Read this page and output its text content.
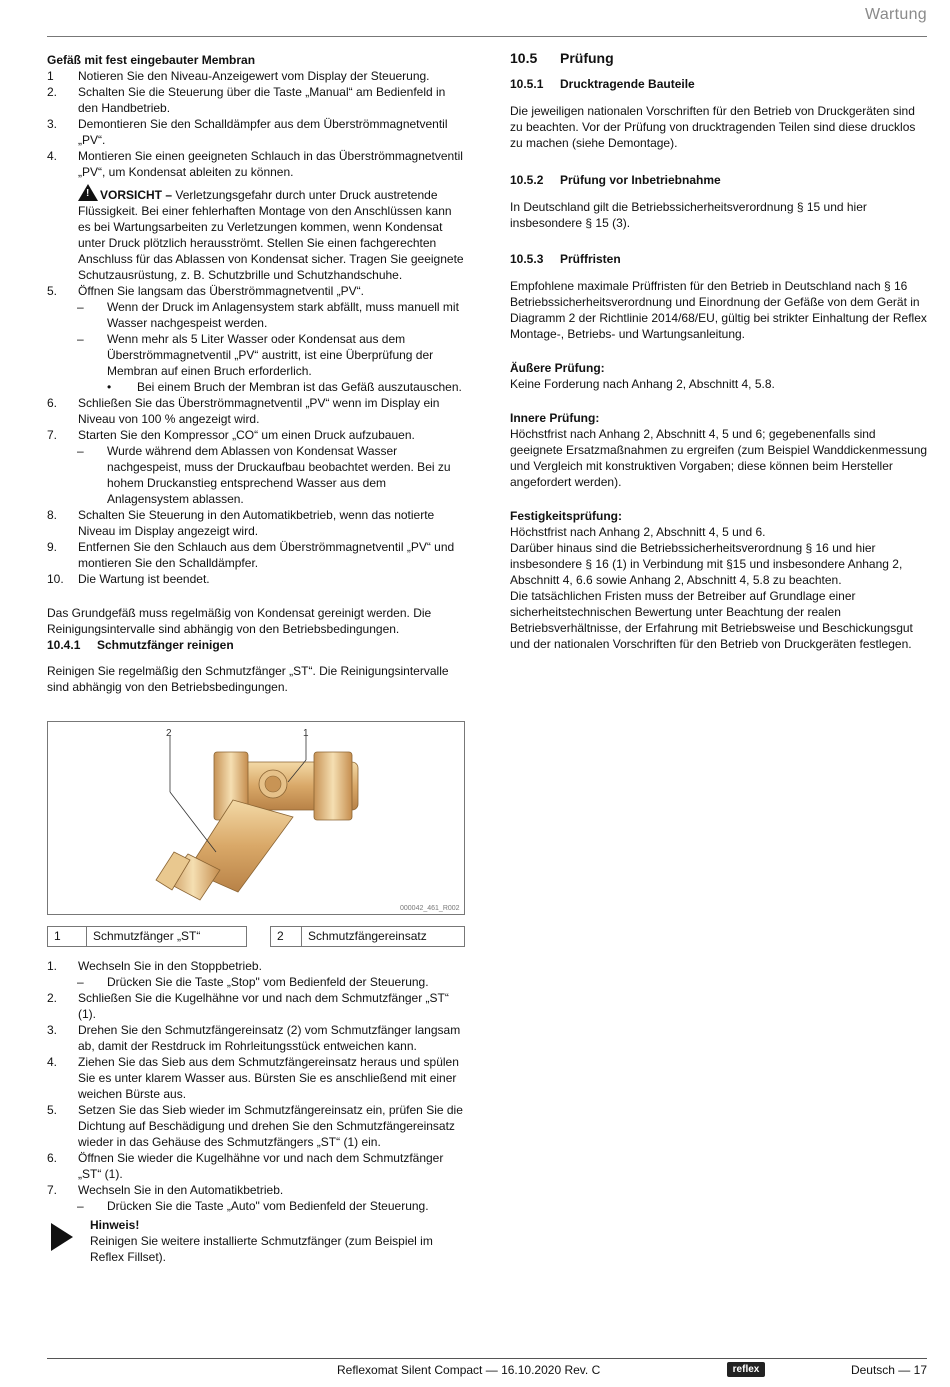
Wartung
Gefäß mit fest eingebauter Membran
1 Notieren Sie den Niveau-Anzeigewert vom Display der Steuerung.
2. Schalten Sie die Steuerung über die Taste „Manual“ am Bedienfeld in den Handbetrieb.
3. Demontieren Sie den Schalldämpfer aus dem Überströmmagnetventil „PV“.
4. Montieren Sie einen geeigneten Schlauch in das Überströmmagnetventil „PV“, um Kondensat ableiten zu können.
! VORSICHT – Verletzungsgefahr durch unter Druck austretende Flüssigkeit. Bei einer fehlerhaften Montage von den Anschlüssen kann es bei Wartungsarbeiten zu Verletzungen kommen, wenn Kondensat unter Druck plötzlich herausströmt. Stellen Sie einen fachgerechten Anschluss für das Ablassen von Kondensat sicher. Tragen Sie geeignete Schutzausrüstung, z. B. Schutzbrille und Schutzhandschuhe.
5. Öffnen Sie langsam das Überströmmagnetventil „PV“.
– Wenn der Druck im Anlagensystem stark abfällt, muss manuell mit Wasser nachgespeist werden.
– Wenn mehr als 5 Liter Wasser oder Kondensat aus dem Überströmmagnetventil „PV“ austritt, ist eine Überprüfung der Membran auf einen Bruch erforderlich.
• Bei einem Bruch der Membran ist das Gefäß auszutauschen.
6. Schließen Sie das Überströmmagnetventil „PV“ wenn im Display ein Niveau von 100 % angezeigt wird.
7. Starten Sie den Kompressor „CO“ um einen Druck aufzubauen.
– Wurde während dem Ablassen von Kondensat Wasser nachgespeist, muss der Druckaufbau beobachtet werden. Bei zu hohem Druckanstieg entsprechend Wasser aus dem Anlagensystem ablassen.
8. Schalten Sie Steuerung in den Automatikbetrieb, wenn das notierte Niveau im Display angezeigt wird.
9. Entfernen Sie den Schlauch aus dem Überströmmagnetventil „PV“ und montieren Sie den Schalldämpfer.
10. Die Wartung ist beendet.
Das Grundgefäß muss regelmäßig von Kondensat gereinigt werden. Die Reinigungsintervalle sind abhängig von den Betriebsbedingungen.
10.4.1 Schmutzfänger reinigen
Reinigen Sie regelmäßig den Schmutzfänger „ST“. Die Reinigungsintervalle sind abhängig von den Betriebsbedingungen.
2	1
000042_461_R002
1	Schmutzfänger „ST“	2	Schmutzfängereinsatz
1. Wechseln Sie in den Stoppbetrieb.
– Drücken Sie die Taste „Stop" vom Bedienfeld der Steuerung.
2. Schließen Sie die Kugelhähne vor und nach dem Schmutzfänger „ST“ (1).
3. Drehen Sie den Schmutzfängereinsatz (2) vom Schmutzfänger langsam ab, damit der Restdruck im Rohrleitungsstück entweichen kann.
4. Ziehen Sie das Sieb aus dem Schmutzfängereinsatz heraus und spülen Sie es unter klarem Wasser aus. Bürsten Sie es anschließend mit einer weichen Bürste aus.
5. Setzen Sie das Sieb wieder im Schmutzfängereinsatz ein, prüfen Sie die Dichtung auf Beschädigung und drehen Sie den Schmutzfängereinsatz wieder in das Gehäuse des Schmutzfängers „ST“ (1) ein.
6. Öffnen Sie wieder die Kugelhähne vor und nach dem Schmutzfänger „ST“ (1).
7. Wechseln Sie in den Automatikbetrieb.
– Drücken Sie die Taste „Auto" vom Bedienfeld der Steuerung.
Hinweis!
Reinigen Sie weitere installierte Schmutzfänger (zum Beispiel im Reflex Fillset).
10.5 Prüfung
10.5.1 Drucktragende Bauteile
Die jeweiligen nationalen Vorschriften für den Betrieb von Druckgeräten sind zu beachten. Vor der Prüfung von drucktragenden Teilen sind diese drucklos zu machen (siehe Demontage).
10.5.2 Prüfung vor Inbetriebnahme
In Deutschland gilt die Betriebssicherheitsverordnung § 15 und hier insbesondere § 15 (3).
10.5.3 Prüffristen
Empfohlene maximale Prüffristen für den Betrieb in Deutschland nach § 16 Betriebssicherheitsverordnung und Einordnung der Gefäße von dem Gerät in Diagramm 2 der Richtlinie 2014/68/EU, gültig bei strikter Einhaltung der Reflex Montage-, Betriebs- und Wartungsanleitung.
Äußere Prüfung:
Keine Forderung nach Anhang 2, Abschnitt 4, 5.8.
Innere Prüfung:
Höchstfrist nach Anhang 2, Abschnitt 4, 5 und 6; gegebenenfalls sind geeignete Ersatzmaßnahmen zu ergreifen (zum Beispiel Wanddickenmessung und Vergleich mit konstruktiven Vorgaben; diese können beim Hersteller angefordert werden).
Festigkeitsprüfung:
Höchstfrist nach Anhang 2, Abschnitt 4, 5 und 6.
Darüber hinaus sind die Betriebssicherheitsverordnung § 16 und hier insbesondere § 16 (1) in Verbindung mit §15 und insbesondere Anhang 2, Abschnitt 4, 6.6 sowie Anhang 2, Abschnitt 4, 5.8 zu beachten.
Die tatsächlichen Fristen muss der Betreiber auf Grundlage einer sicherheitstechnischen Bewertung unter Beachtung der realen Betriebsverhältnisse, der Erfahrung mit Betriebsweise und Beschickungsgut und der nationalen Vorschriften für den Betrieb von Druckgeräten festlegen.
Reflexomat Silent Compact — 16.10.2020 Rev. C	reflex	Deutsch — 17
